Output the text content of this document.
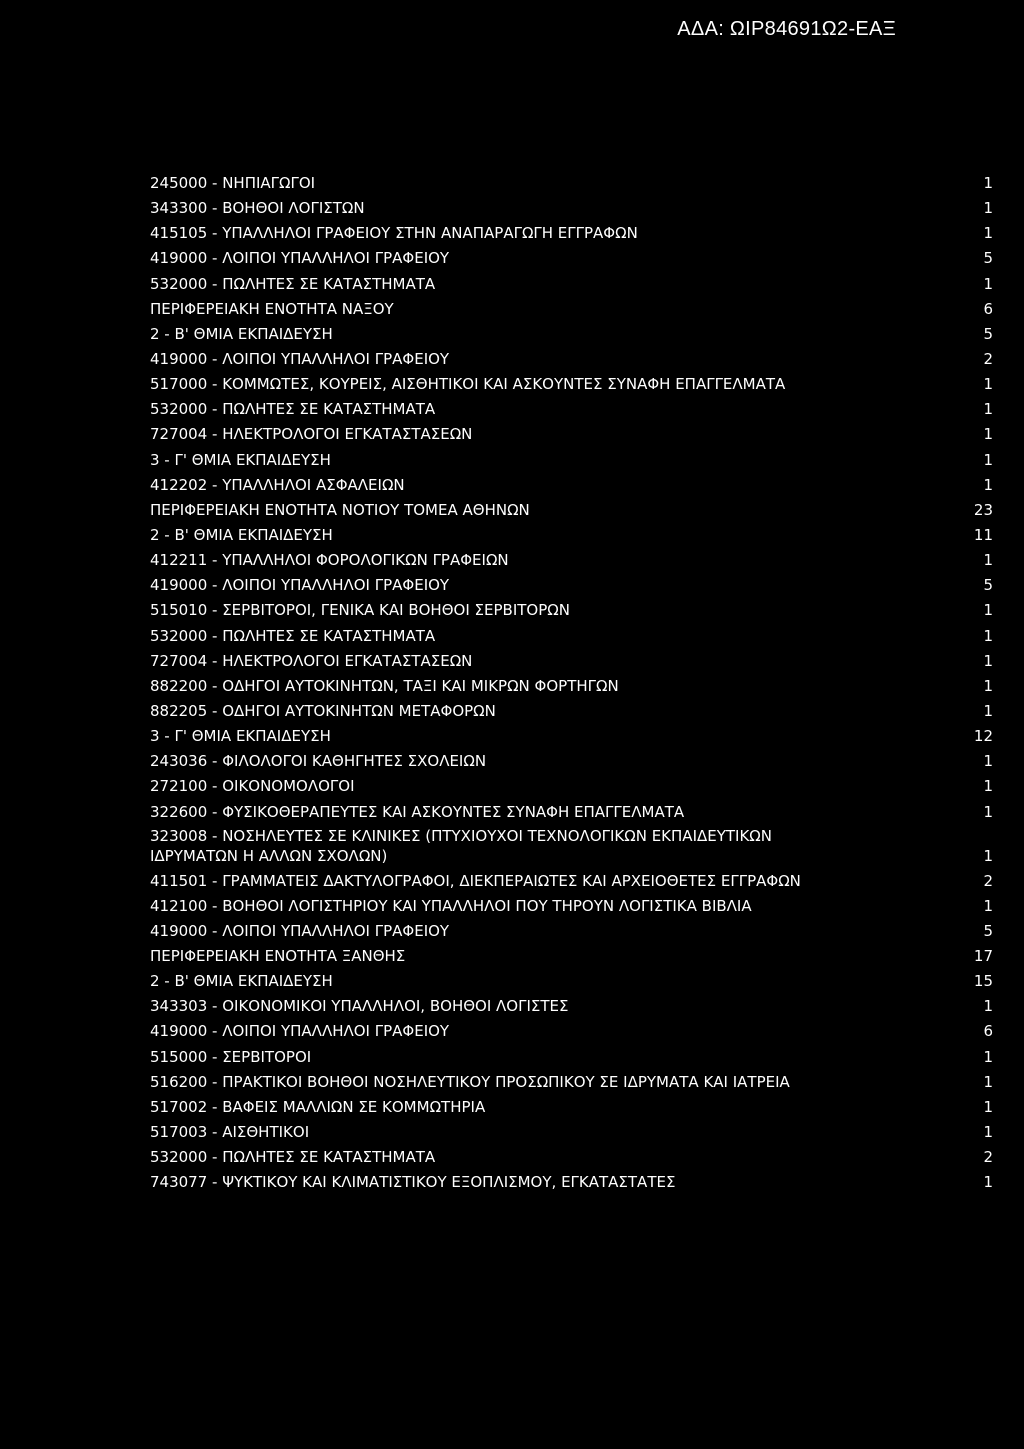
ΑΔΑ: ΩΙΡ84691Ω2-ΕΑΞ
245000 - ΝΗΠΙΑΓΩΓΟΙ	1
343300 - ΒΟΗΘΟΙ ΛΟΓΙΣΤΩΝ	1
415105 - ΥΠΑΛΛΗΛΟΙ ΓΡΑΦΕΙΟΥ ΣΤΗΝ ΑΝΑΠΑΡΑΓΩΓΗ ΕΓΓΡΑΦΩΝ	1
419000 - ΛΟΙΠΟΙ ΥΠΑΛΛΗΛΟΙ ΓΡΑΦΕΙΟΥ	5
532000 - ΠΩΛΗΤΕΣ ΣΕ ΚΑΤΑΣΤΗΜΑΤΑ	1
ΠΕΡΙΦΕΡΕΙΑΚΗ ΕΝΟΤΗΤΑ ΝΑΞΟΥ	6
2 - Β' ΘΜΙΑ ΕΚΠΑΙΔΕΥΣΗ	5
419000 - ΛΟΙΠΟΙ ΥΠΑΛΛΗΛΟΙ ΓΡΑΦΕΙΟΥ	2
517000 - ΚΟΜΜΩΤΕΣ, ΚΟΥΡΕΙΣ, ΑΙΣΘΗΤΙΚΟΙ ΚΑΙ ΑΣΚΟΥΝΤΕΣ ΣΥΝΑΦΗ ΕΠΑΓΓΕΛΜΑΤΑ	1
532000 - ΠΩΛΗΤΕΣ ΣΕ ΚΑΤΑΣΤΗΜΑΤΑ	1
727004 - ΗΛΕΚΤΡΟΛΟΓΟΙ ΕΓΚΑΤΑΣΤΑΣΕΩΝ	1
3 - Γ' ΘΜΙΑ ΕΚΠΑΙΔΕΥΣΗ	1
412202 - ΥΠΑΛΛΗΛΟΙ ΑΣΦΑΛΕΙΩΝ	1
ΠΕΡΙΦΕΡΕΙΑΚΗ ΕΝΟΤΗΤΑ ΝΟΤΙΟΥ ΤΟΜΕΑ ΑΘΗΝΩΝ	23
2 - Β' ΘΜΙΑ ΕΚΠΑΙΔΕΥΣΗ	11
412211 - ΥΠΑΛΛΗΛΟΙ ΦΟΡΟΛΟΓΙΚΩΝ ΓΡΑΦΕΙΩΝ	1
419000 - ΛΟΙΠΟΙ ΥΠΑΛΛΗΛΟΙ ΓΡΑΦΕΙΟΥ	5
515010 - ΣΕΡΒΙΤΟΡΟΙ, ΓΕΝΙΚΑ ΚΑΙ ΒΟΗΘΟΙ ΣΕΡΒΙΤΟΡΩΝ	1
532000 - ΠΩΛΗΤΕΣ ΣΕ ΚΑΤΑΣΤΗΜΑΤΑ	1
727004 - ΗΛΕΚΤΡΟΛΟΓΟΙ ΕΓΚΑΤΑΣΤΑΣΕΩΝ	1
882200 - ΟΔΗΓΟΙ ΑΥΤΟΚΙΝΗΤΩΝ, ΤΑΞΙ ΚΑΙ ΜΙΚΡΩΝ ΦΟΡΤΗΓΩΝ	1
882205 - ΟΔΗΓΟΙ ΑΥΤΟΚΙΝΗΤΩΝ ΜΕΤΑΦΟΡΩΝ	1
3 - Γ' ΘΜΙΑ ΕΚΠΑΙΔΕΥΣΗ	12
243036 - ΦΙΛΟΛΟΓΟΙ ΚΑΘΗΓΗΤΕΣ ΣΧΟΛΕΙΩΝ	1
272100 - ΟΙΚΟΝΟΜΟΛΟΓΟΙ	1
322600 - ΦΥΣΙΚΟΘΕΡΑΠΕΥΤΕΣ ΚΑΙ ΑΣΚΟΥΝΤΕΣ ΣΥΝΑΦΗ ΕΠΑΓΓΕΛΜΑΤΑ	1
323008 - ΝΟΣΗΛΕΥΤΕΣ ΣΕ ΚΛΙΝΙΚΕΣ (ΠΤΥΧΙΟΥΧΟΙ ΤΕΧΝΟΛΟΓΙΚΩΝ ΕΚΠΑΙΔΕΥΤΙΚΩΝ
ΙΔΡΥΜΑΤΩΝ Η ΑΛΛΩΝ ΣΧΟΛΩΝ)	1
411501 - ΓΡΑΜΜΑΤΕΙΣ ΔΑΚΤΥΛΟΓΡΑΦΟΙ, ΔΙΕΚΠΕΡΑΙΩΤΕΣ ΚΑΙ ΑΡΧΕΙΟΘΕΤΕΣ ΕΓΓΡΑΦΩΝ	2
412100 - ΒΟΗΘΟΙ ΛΟΓΙΣΤΗΡΙΟΥ ΚΑΙ ΥΠΑΛΛΗΛΟΙ ΠΟΥ ΤΗΡΟΥΝ ΛΟΓΙΣΤΙΚΑ ΒΙΒΛΙΑ	1
419000 - ΛΟΙΠΟΙ ΥΠΑΛΛΗΛΟΙ ΓΡΑΦΕΙΟΥ	5
ΠΕΡΙΦΕΡΕΙΑΚΗ ΕΝΟΤΗΤΑ ΞΑΝΘΗΣ	17
2 - Β' ΘΜΙΑ ΕΚΠΑΙΔΕΥΣΗ	15
343303 - ΟΙΚΟΝΟΜΙΚΟΙ ΥΠΑΛΛΗΛΟΙ, ΒΟΗΘΟΙ ΛΟΓΙΣΤΕΣ	1
419000 - ΛΟΙΠΟΙ ΥΠΑΛΛΗΛΟΙ ΓΡΑΦΕΙΟΥ	6
515000 - ΣΕΡΒΙΤΟΡΟΙ	1
516200 - ΠΡΑΚΤΙΚΟΙ ΒΟΗΘΟΙ ΝΟΣΗΛΕΥΤΙΚΟΥ ΠΡΟΣΩΠΙΚΟΥ ΣΕ ΙΔΡΥΜΑΤΑ ΚΑΙ ΙΑΤΡΕΙΑ	1
517002 - ΒΑΦΕΙΣ ΜΑΛΛΙΩΝ ΣΕ ΚΟΜΜΩΤΗΡΙΑ	1
517003 - ΑΙΣΘΗΤΙΚΟΙ	1
532000 - ΠΩΛΗΤΕΣ ΣΕ ΚΑΤΑΣΤΗΜΑΤΑ	2
743077 - ΨΥΚΤΙΚΟΥ ΚΑΙ ΚΛΙΜΑΤΙΣΤΙΚΟΥ ΕΞΟΠΛΙΣΜΟΥ, ΕΓΚΑΤΑΣΤΑΤΕΣ	1
